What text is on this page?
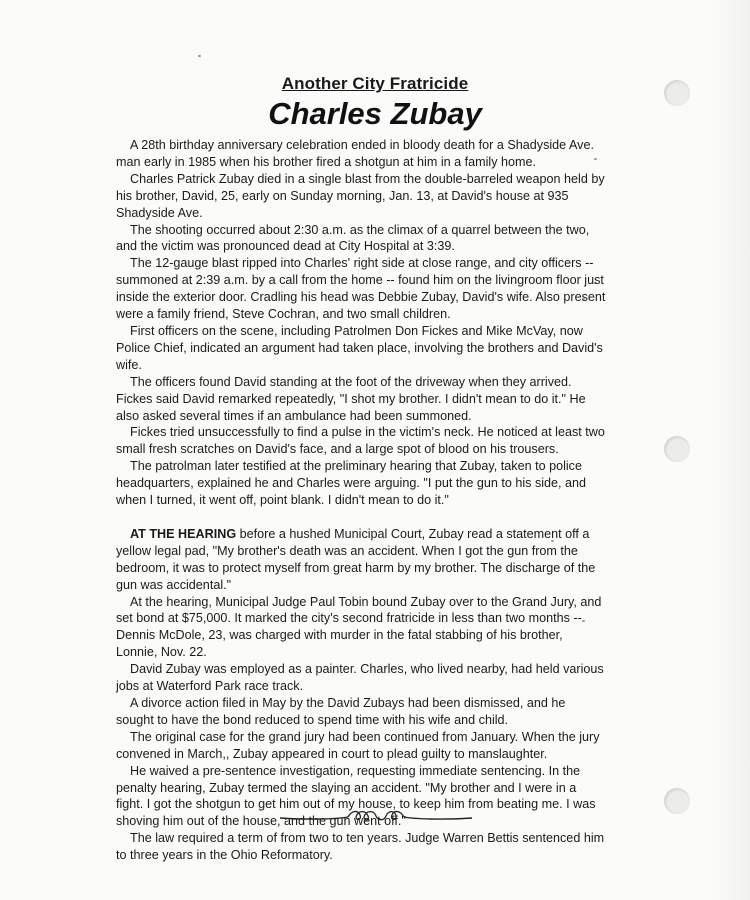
Another City Fratricide
Charles Zubay

A 28th birthday anniversary celebration ended in bloody death for a Shadyside Ave. man early in 1985 when his brother fired a shotgun at him in a family home.

Charles Patrick Zubay died in a single blast from the double-barreled weapon held by his brother, David, 25, early on Sunday morning, Jan. 13, at David's house at 935 Shadyside Ave.

The shooting occurred about 2:30 a.m. as the climax of a quarrel between the two, and the victim was pronounced dead at City Hospital at 3:39.

The 12-gauge blast ripped into Charles' right side at close range, and city officers -- summoned at 2:39 a.m. by a call from the home -- found him on the livingroom floor just inside the exterior door. Cradling his head was Debbie Zubay, David's wife. Also present were a family friend, Steve Cochran, and two small children.

First officers on the scene, including Patrolmen Don Fickes and Mike McVay, now Police Chief, indicated an argument had taken place, involving the brothers and David's wife.

The officers found David standing at the foot of the driveway when they arrived. Fickes said David remarked repeatedly, "I shot my brother. I didn't mean to do it." He also asked several times if an ambulance had been summoned.

Fickes tried unsuccessfully to find a pulse in the victim's neck. He noticed at least two small fresh scratches on David's face, and a large spot of blood on his trousers.

The patrolman later testified at the preliminary hearing that Zubay, taken to police headquarters, explained he and Charles were arguing. "I put the gun to his side, and when I turned, it went off, point blank. I didn't mean to do it."

AT THE HEARING before a hushed Municipal Court, Zubay read a statement off a yellow legal pad, "My brother's death was an accident. When I got the gun from the bedroom, it was to protect myself from great harm by my brother. The discharge of the gun was accidental."

At the hearing, Municipal Judge Paul Tobin bound Zubay over to the Grand Jury, and set bond at $75,000. It marked the city's second fratricide in less than two months -- Dennis McDole, 23, was charged with murder in the fatal stabbing of his brother, Lonnie, Nov. 22.

David Zubay was employed as a painter. Charles, who lived nearby, had held various jobs at Waterford Park race track.

A divorce action filed in May by the David Zubays had been dismissed, and he sought to have the bond reduced to spend time with his wife and child.

The original case for the grand jury had been continued from January. When the jury convened in March,, Zubay appeared in court to plead guilty to manslaughter.

He waived a pre-sentence investigation, requesting immediate sentencing. In the penalty hearing, Zubay termed the slaying an accident. "My brother and I were in a fight. I got the shotgun to get him out of my house, to keep him from beating me. I was shoving him out of the house, and the gun went off."

The law required a term of from two to ten years. Judge Warren Bettis sentenced him to three years in the Ohio Reformatory.
